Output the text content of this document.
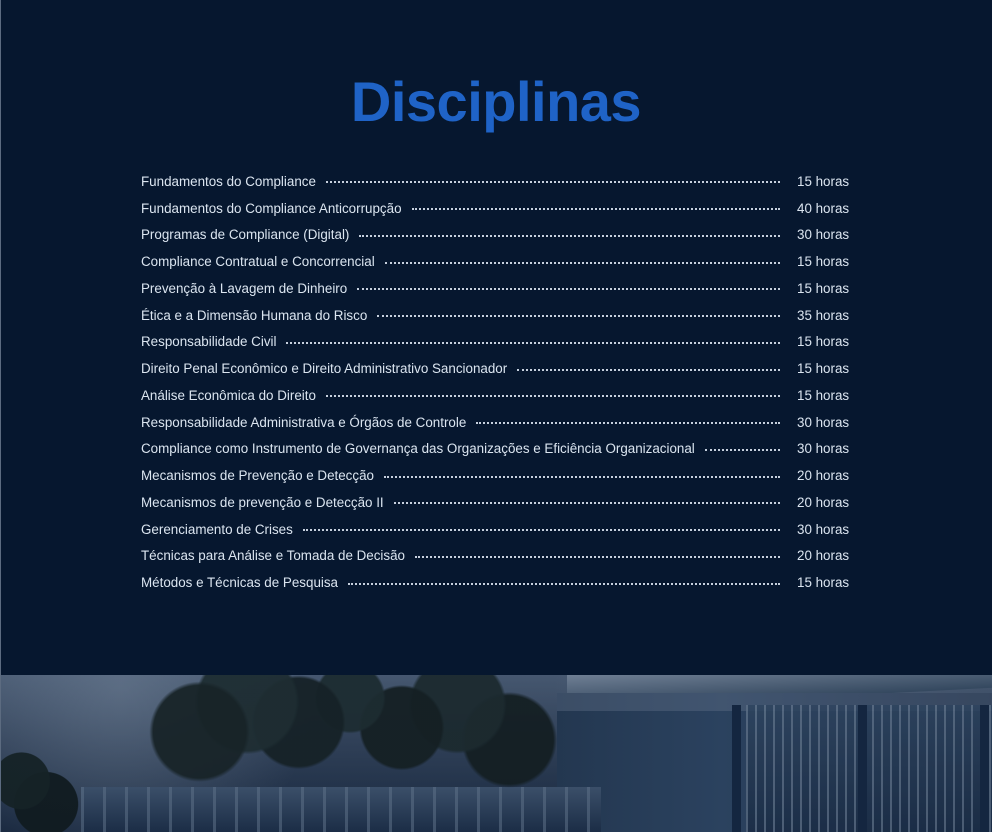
Disciplinas
Fundamentos do Compliance	15 horas
Fundamentos do Compliance Anticorrupção	40 horas
Programas de Compliance (Digital)	30 horas
Compliance Contratual e Concorrencial	15 horas
Prevenção à Lavagem de Dinheiro	15 horas
Ética e a Dimensão Humana do Risco	35 horas
Responsabilidade Civil	15 horas
Direito Penal Econômico e Direito Administrativo Sancionador	15 horas
Análise Econômica do Direito	15 horas
Responsabilidade Administrativa e Órgãos de Controle	30 horas
Compliance como Instrumento de Governança das Organizações e Eficiência Organizacional	30 horas
Mecanismos de Prevenção e Detecção	20 horas
Mecanismos de prevenção e Detecção II	20 horas
Gerenciamento de Crises	30 horas
Técnicas para Análise e Tomada de Decisão	20 horas
Métodos e Técnicas de Pesquisa	15 horas
